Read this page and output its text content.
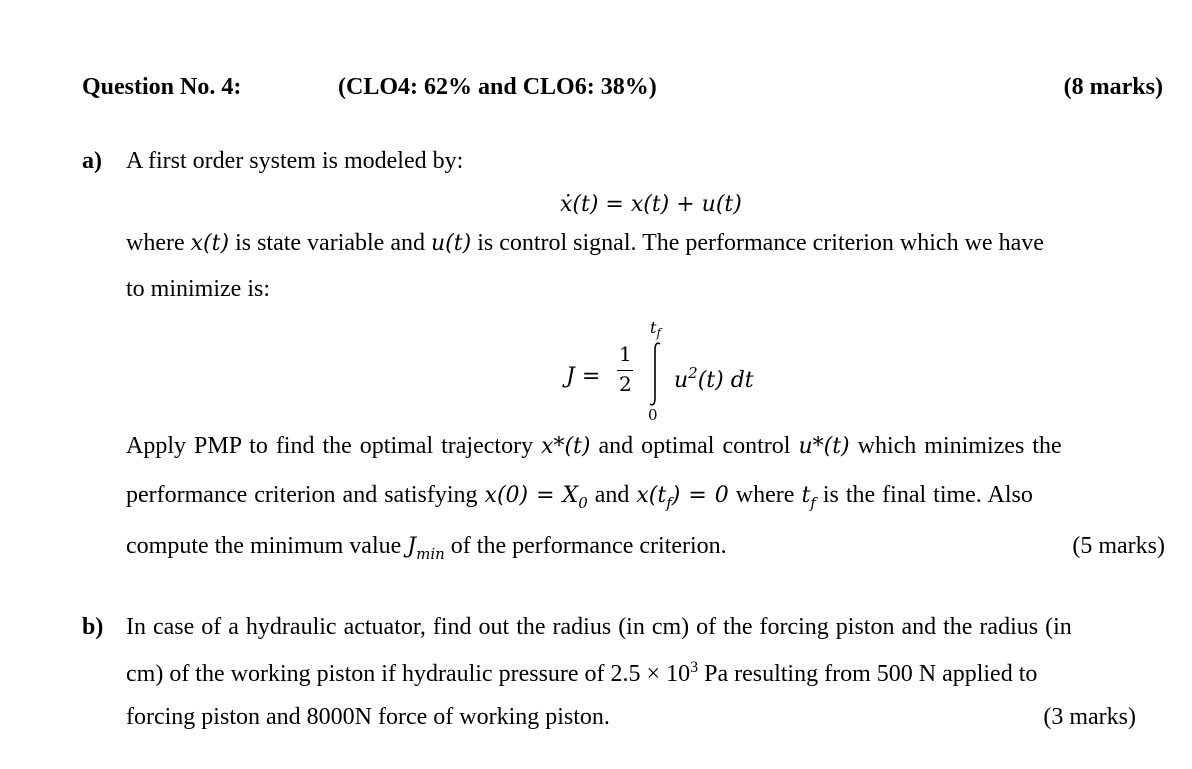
Question No. 4:	(CLO4: 62% and CLO6: 38%)	(8 marks)
a) A first order system is modeled by:
ẋ(t) = x(t) + u(t)
where x(t) is state variable and u(t) is control signal. The performance criterion which we have
to minimize is:
J =
1
2
$t_f$
0
$u^2(t)$ dt
Apply PMP to find the optimal trajectory x*(t) and optimal control u*(t) which minimizes the
performance criterion and satisfying $x(0) = X_0$ and $x(t_f) = 0$ where $t_f$ is the final time. Also
compute the minimum value $J_{min}$ of the performance criterion.	(5 marks)
b) In case of a hydraulic actuator, find out the radius (in cm) of the forcing piston and the radius (in
cm) of the working piston if hydraulic pressure of $2.5 \times 10^3$ Pa resulting from 500 N applied to
forcing piston and 8000N force of working piston.	(3 marks)
